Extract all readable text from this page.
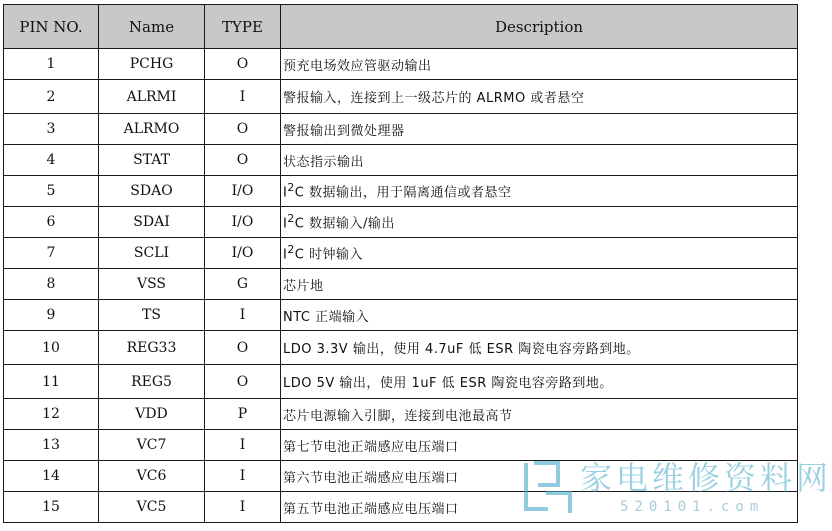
PIN NO.	Name	TYPE	Description
1	PCHG	O	预充电场效应管驱动输出
2	ALRMI	I	警报输入，连接到上一级芯片的 ALRMO 或者悬空
3	ALRMO	O	警报输出到微处理器
4	STAT	O	状态指示输出
5	SDAO	I/O	$I^2C$ 数据输出，用于隔离通信或者悬空
6	SDAI	I/O	$I^2C$ 数据输入/输出
7	SCLI	I/O	$I^2C$ 时钟输入
8	VSS	G	芯片地
9	TS	I	NTC 正端输入
10	REG33	O	LDO 3.3V 输出，使用 4.7uF 低 ESR 陶瓷电容旁路到地。
11	REG5	O	LDO 5V 输出，使用 1uF 低 ESR 陶瓷电容旁路到地。
12	VDD	P	芯片电源输入引脚，连接到电池最高节
13	VC7	I	第七节电池正端感应电压端口
14	VC6	I	第六节电池正端感应电压端口
15	VC5	I	第五节电池正端感应电压端口
家电维修资料网
520101.com
